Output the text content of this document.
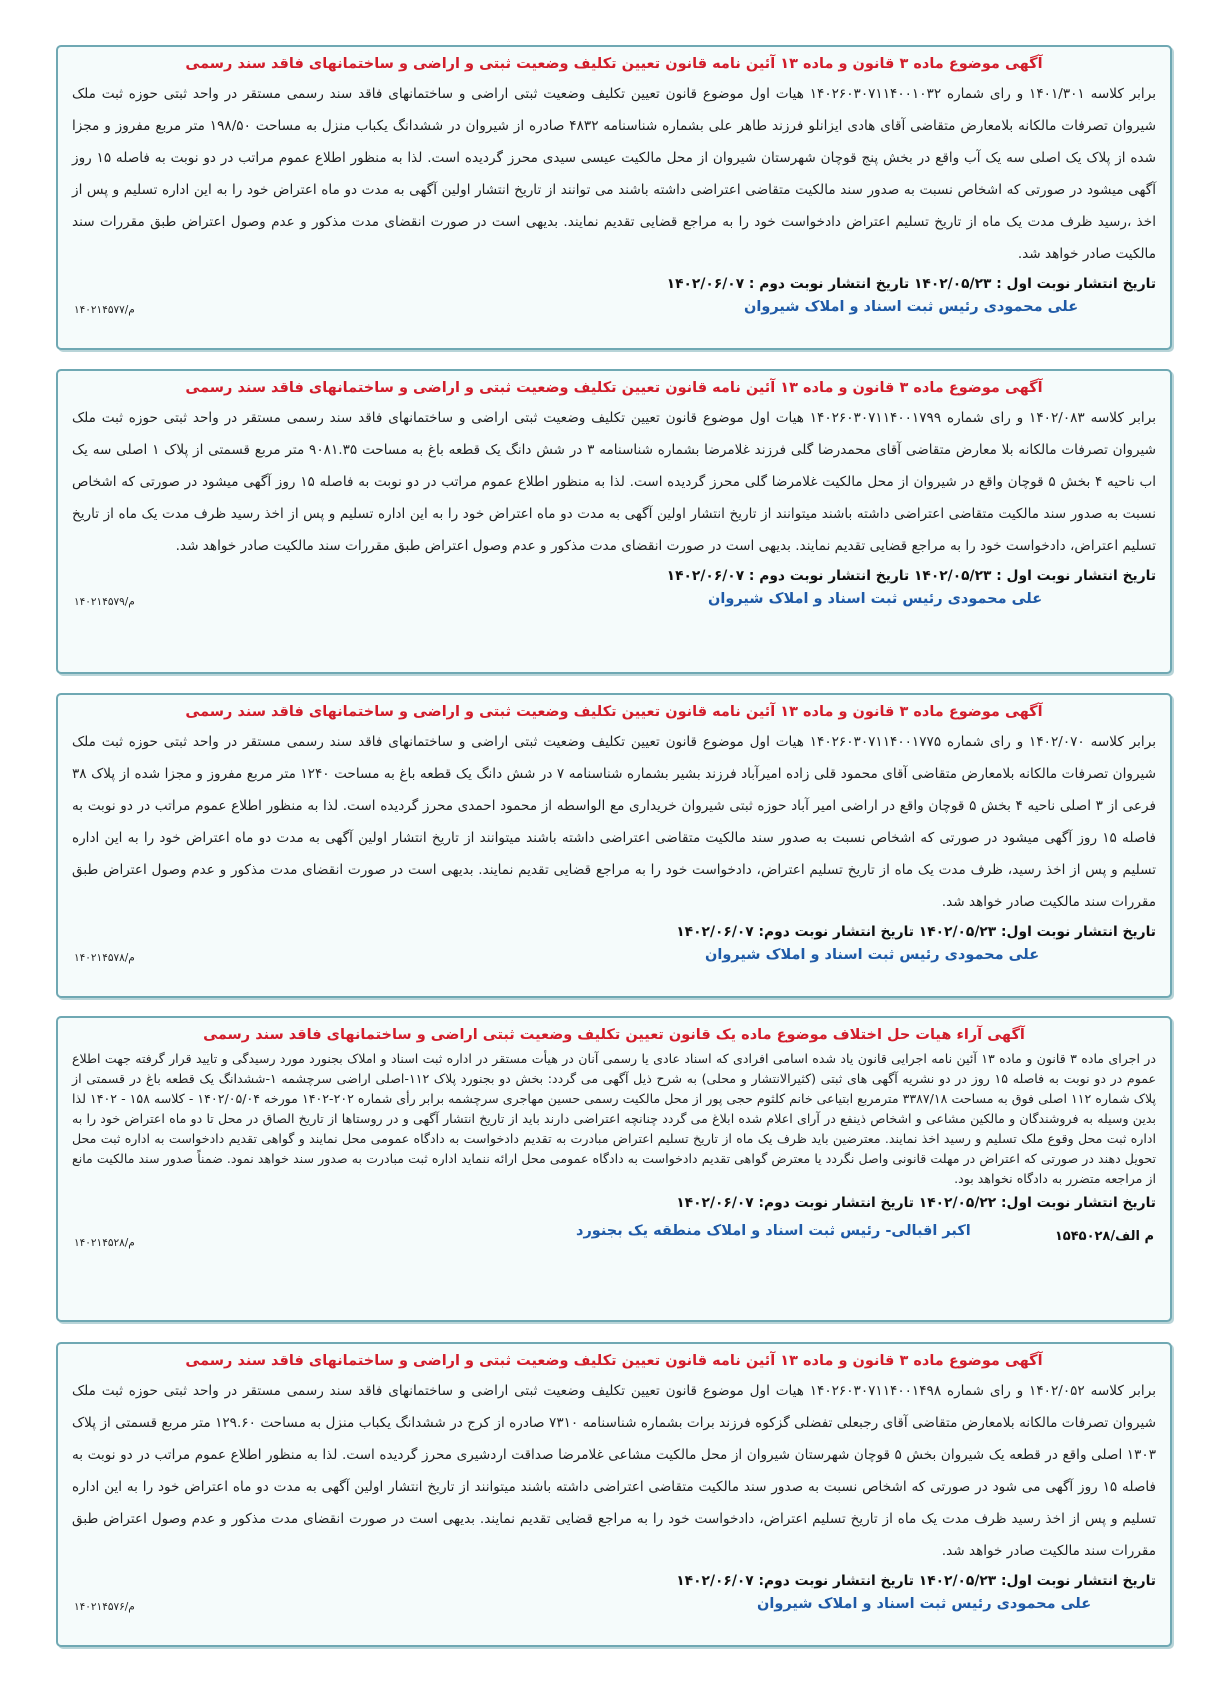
آگهی موضوع ماده ۳ قانون و ماده ۱۳ آئین نامه قانون تعیین تکلیف وضعیت ثبتی و اراضی و ساختمانهای فاقد سند رسمی
برابر کلاسه ۱۴۰۱/۳۰۱ و رای شماره ۱۴۰۲۶۰۳۰۷۱۱۴۰۰۱۰۳۲ هیات اول موضوع قانون تعیین تکلیف وضعیت ثبتی اراضی و ساختمانهای فاقد سند رسمی مستقر در واحد ثبتی حوزه ثبت ملک شیروان تصرفات مالکانه بلامعارض متقاضی آقای هادی ایزانلو فرزند طاهر علی بشماره شناسنامه ۴۸۳۲ صادره از شیروان در ششدانگ یکباب منزل به مساحت ۱۹۸/۵۰ متر مربع مفروز و مجزا شده از پلاک یک اصلی سه یک آب واقع در بخش پنج قوچان شهرستان شیروان از محل مالکیت عیسی سیدی محرز گردیده است. لذا به منظور اطلاع عموم مراتب در دو نوبت به فاصله ۱۵ روز آگهی میشود در صورتی که اشخاص نسبت به صدور سند مالکیت متقاضی اعتراضی داشته باشند می توانند از تاریخ انتشار اولین آگهی به مدت دو ماه اعتراض خود را به این اداره تسلیم و پس از اخذ ،رسید ظرف مدت یک ماه از تاریخ تسلیم اعتراض دادخواست خود را به مراجع قضایی تقدیم نمایند. بدیهی است در صورت انقضای مدت مذکور و عدم وصول اعتراض طبق مقررات سند مالکیت صادر خواهد شد.
تاریخ انتشار نوبت اول : ۱۴۰۲/۰۵/۲۳ تاریخ انتشار نوبت دوم : ۱۴۰۲/۰۶/۰۷
علی محمودی رئیس ثبت اسناد و املاک شیروان
۱۴۰۲۱۴۵۷۷/م
آگهی موضوع ماده ۳ قانون و ماده ۱۳ آئین نامه قانون تعیین تکلیف وضعیت ثبتی و اراضی و ساختمانهای فاقد سند رسمی
برابر کلاسه ۱۴۰۲/۰۸۳ و رای شماره ۱۴۰۲۶۰۳۰۷۱۱۴۰۰۱۷۹۹ هیات اول موضوع قانون تعیین تکلیف وضعیت ثبتی اراضی و ساختمانهای فاقد سند رسمی مستقر در واحد ثبتی حوزه ثبت ملک شیروان تصرفات مالکانه بلا معارض متقاضی آقای محمدرضا گلی فرزند غلامرضا بشماره شناسنامه ۳ در شش دانگ یک قطعه باغ به مساحت ۹۰۸۱.۳۵ متر مربع قسمتی از پلاک ۱ اصلی سه یک اب ناحیه ۴ بخش ۵ قوچان واقع در شیروان از محل مالکیت غلامرضا گلی محرز گردیده است. لذا به منظور اطلاع عموم مراتب در دو نوبت به فاصله ۱۵ روز آگهی میشود در صورتی که اشخاص نسبت به صدور سند مالکیت متقاضی اعتراضی داشته باشند میتوانند از تاریخ انتشار اولین آگهی به مدت دو ماه اعتراض خود را به این اداره تسلیم و پس از اخذ رسید ظرف مدت یک ماه از تاریخ تسلیم اعتراض، دادخواست خود را به مراجع قضایی تقدیم نمایند. بدیهی است در صورت انقضای مدت مذکور و عدم وصول اعتراض طبق مقررات سند مالکیت صادر خواهد شد.
تاریخ انتشار نوبت اول : ۱۴۰۲/۰۵/۲۳ تاریخ انتشار نوبت دوم : ۱۴۰۲/۰۶/۰۷
علی محمودی رئیس ثبت اسناد و املاک شیروان
۱۴۰۲۱۴۵۷۹/م
آگهی موضوع ماده ۳ قانون و ماده ۱۳ آئین نامه قانون تعیین تکلیف وضعیت ثبتی و اراضی و ساختمانهای فاقد سند رسمی
برابر کلاسه ۱۴۰۲/۰۷۰ و رای شماره ۱۴۰۲۶۰۳۰۷۱۱۴۰۰۱۷۷۵ هیات اول موضوع قانون تعیین تکلیف وضعیت ثبتی اراضی و ساختمانهای فاقد سند رسمی مستقر در واحد ثبتی حوزه ثبت ملک شیروان تصرفات مالکانه بلامعارض متقاضی آقای محمود قلی زاده امیرآباد فرزند بشیر بشماره شناسنامه ۷ در شش دانگ یک قطعه باغ به مساحت ۱۲۴۰ متر مربع مفروز و مجزا شده از پلاک ۳۸ فرعی از ۳ اصلی ناحیه ۴ بخش ۵ قوچان واقع در اراضی امیر آباد حوزه ثبتی شیروان خریداری مع الواسطه از محمود احمدی محرز گردیده است. لذا به منظور اطلاع عموم مراتب در دو نوبت به فاصله ۱۵ روز آگهی میشود در صورتی که اشخاص نسبت به صدور سند مالکیت متقاضی اعتراضی داشته باشند میتوانند از تاریخ انتشار اولین آگهی به مدت دو ماه اعتراض خود را به این اداره تسلیم و پس از اخذ رسید، ظرف مدت یک ماه از تاریخ تسلیم اعتراض، دادخواست خود را به مراجع قضایی تقدیم نمایند. بدیهی است در صورت انقضای مدت مذکور و عدم وصول اعتراض طبق مقررات سند مالکیت صادر خواهد شد.
تاریخ انتشار نوبت اول: ۱۴۰۲/۰۵/۲۳ تاریخ انتشار نوبت دوم: ۱۴۰۲/۰۶/۰۷
علی محمودی رئیس ثبت اسناد و املاک شیروان
۱۴۰۲۱۴۵۷۸/م
آگهی آراء هیات حل اختلاف موضوع ماده یک قانون تعیین تکلیف وضعیت ثبتی اراضی و ساختمانهای فاقد سند رسمی
در اجرای ماده ۳ قانون و ماده ۱۳ آئین نامه اجرایی قانون یاد شده اسامی افرادی که اسناد عادی یا رسمی آنان در هیأت مستقر در اداره ثبت اسناد و املاک بجنورد مورد رسیدگی و تایید قرار گرفته جهت اطلاع عموم در دو نوبت به فاصله ۱۵ روز در دو نشریه آگهی های ثبتی (کثیرالانتشار و محلی) به شرح ذیل آگهی می گردد: بخش دو بجنورد پلاک ۱۱۲-اصلی اراضی سرچشمه ۱-ششدانگ یک قطعه باغ در قسمتی از پلاک شماره ۱۱۲ اصلی فوق به مساحت ۳۳۸۷/۱۸ مترمربع ابتیاعی خانم کلثوم حجی پور از محل مالکیت رسمی حسین مهاجری سرچشمه برابر رأی شماره ۲۰۲-۱۴۰۲ مورخه ۱۴۰۲/۰۵/۰۴ - کلاسه ۱۵۸ - ۱۴۰۲ لذا بدین وسیله به فروشندگان و مالکین مشاعی و اشخاص ذینفع در آرای اعلام شده ابلاغ می گردد چنانچه اعتراضی دارند باید از تاریخ انتشار آگهی و در روستاها از تاریخ الصاق در محل تا دو ماه اعتراض خود را به اداره ثبت محل وقوع ملک تسلیم و رسید اخذ نمایند. معترضین باید ظرف یک ماه از تاریخ تسلیم اعتراض مبادرت به تقدیم دادخواست به دادگاه عمومی محل نمایند و گواهی تقدیم دادخواست به اداره ثبت محل تحویل دهند در صورتی که اعتراض در مهلت قانونی واصل نگردد یا معترض گواهی تقدیم دادخواست به دادگاه عمومی محل ارائه ننماید اداره ثبت مبادرت به صدور سند خواهد نمود. ضمناً صدور سند مالکیت مانع از مراجعه متضرر به دادگاه نخواهد بود.
تاریخ انتشار نوبت اول: ۱۴۰۲/۰۵/۲۲ تاریخ انتشار نوبت دوم: ۱۴۰۲/۰۶/۰۷
اکبر اقبالی- رئیس ثبت اسناد و املاک منطقه یک بجنورد	م الف/۱۵۴۵۰۲۸
۱۴۰۲۱۴۵۲۸/م
آگهی موضوع ماده ۳ قانون و ماده ۱۳ آئین نامه قانون تعیین تکلیف وضعیت ثبتی و اراضی و ساختمانهای فاقد سند رسمی
برابر کلاسه ۱۴۰۲/۰۵۲ و رای شماره ۱۴۰۲۶۰۳۰۷۱۱۴۰۰۱۴۹۸ هیات اول موضوع قانون تعیین تکلیف وضعیت ثبتی اراضی و ساختمانهای فاقد سند رسمی مستقر در واحد ثبتی حوزه ثبت ملک شیروان تصرفات مالکانه بلامعارض متقاضی آقای رجبعلی تفضلی گزکوه فرزند برات بشماره شناسنامه ۷۳۱۰ صادره از کرج در ششدانگ یکباب منزل به مساحت ۱۲۹.۶۰ متر مربع قسمتی از پلاک ۱۳۰۳ اصلی واقع در قطعه یک شیروان بخش ۵ قوچان شهرستان شیروان از محل مالکیت مشاعی غلامرضا صداقت اردشیری محرز گردیده است. لذا به منظور اطلاع عموم مراتب در دو نوبت به فاصله ۱۵ روز آگهی می شود در صورتی که اشخاص نسبت به صدور سند مالکیت متقاضی اعتراضی داشته باشند میتوانند از تاریخ انتشار اولین آگهی به مدت دو ماه اعتراض خود را به این اداره تسلیم و پس از اخذ رسید ظرف مدت یک ماه از تاریخ تسلیم اعتراض، دادخواست خود را به مراجع قضایی تقدیم نمایند. بدیهی است در صورت انقضای مدت مذکور و عدم وصول اعتراض طبق مقررات سند مالکیت صادر خواهد شد.
تاریخ انتشار نوبت اول: ۱۴۰۲/۰۵/۲۳ تاریخ انتشار نوبت دوم: ۱۴۰۲/۰۶/۰۷
علی محمودی رئیس ثبت اسناد و املاک شیروان
۱۴۰۲۱۴۵۷۶/م
